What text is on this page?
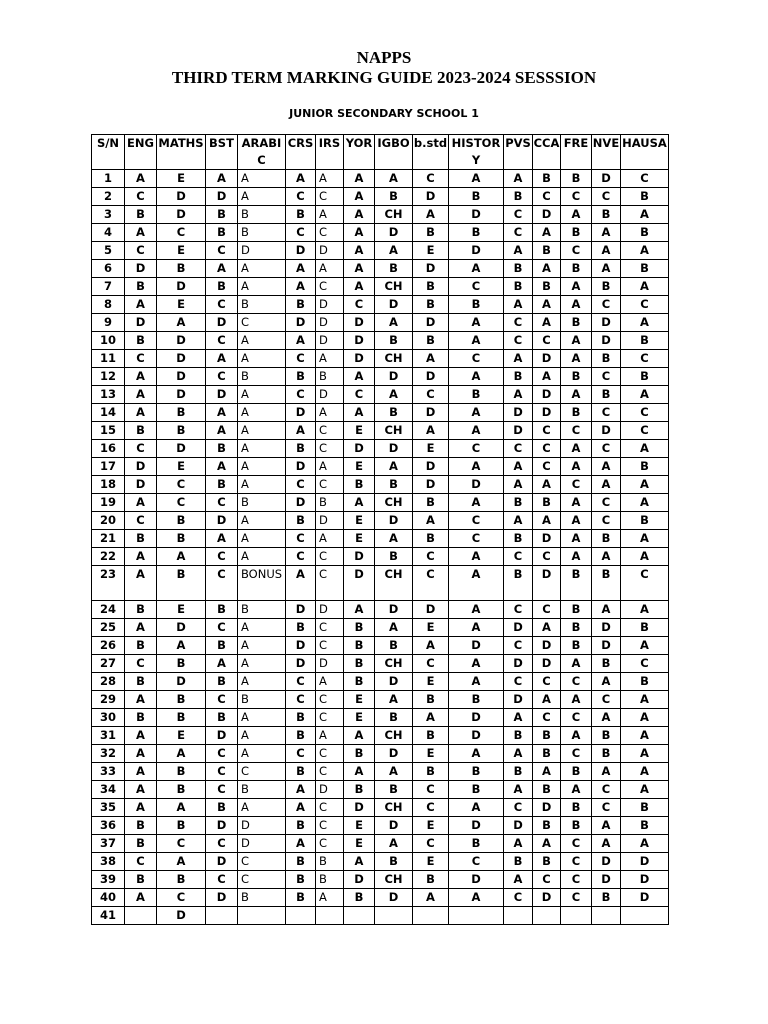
NAPPS
THIRD TERM MARKING GUIDE 2023-2024 SESSSION
JUNIOR SECONDARY SCHOOL 1
S/N	ENG	MATHS	BST	ARABIC	CRS	IRS	YOR	IGBO	b.std	HISTORY	PVS	CCA	FRE	NVE	HAUSA
1	A	E	A	A	A	A	A	A	C	A	A	B	B	D	C
2	C	D	D	A	C	C	A	B	D	B	B	C	C	C	B
3	B	D	B	B	B	A	A	CH	A	D	C	D	A	B	A
4	A	C	B	B	C	C	A	D	B	B	C	A	B	A	B
5	C	E	C	D	D	D	A	A	E	D	A	B	C	A	A
6	D	B	A	A	A	A	A	B	D	A	B	A	B	A	B
7	B	D	B	A	A	C	A	CH	B	C	B	B	A	B	A
8	A	E	C	B	B	D	C	D	B	B	A	A	A	C	C
9	D	A	D	C	D	D	D	A	D	A	C	A	B	D	A
10	B	D	C	A	A	D	D	B	B	A	C	C	A	D	B
11	C	D	A	A	C	A	D	CH	A	C	A	D	A	B	C
12	A	D	C	B	B	B	A	D	D	A	B	A	B	C	B
13	A	D	D	A	C	D	C	A	C	B	A	D	A	B	A
14	A	B	A	A	D	A	A	B	D	A	D	D	B	C	C
15	B	B	A	A	A	C	E	CH	A	A	D	C	C	D	C
16	C	D	B	A	B	C	D	D	E	C	C	C	A	C	A
17	D	E	A	A	D	A	E	A	D	A	A	C	A	A	B
18	D	C	B	A	C	C	B	B	D	D	A	A	C	A	A
19	A	C	C	B	D	B	A	CH	B	A	B	B	A	C	A
20	C	B	D	A	B	D	E	D	A	C	A	A	A	C	B
21	B	B	A	A	C	A	E	A	B	C	B	D	A	B	A
22	A	A	C	A	C	C	D	B	C	A	C	C	A	A	A
23	A	B	C	BONUS	A	C	D	CH	C	A	B	D	B	B	C
24	B	E	B	B	D	D	A	D	D	A	C	C	B	A	A
25	A	D	C	A	B	C	B	A	E	A	D	A	B	D	B
26	B	A	B	A	D	C	B	B	A	D	C	D	B	D	A
27	C	B	A	A	D	D	B	CH	C	A	D	D	A	B	C
28	B	D	B	A	C	A	B	D	E	A	C	C	C	A	B
29	A	B	C	B	C	C	E	A	B	B	D	A	A	C	A
30	B	B	B	A	B	C	E	B	A	D	A	C	C	A	A
31	A	E	D	A	B	A	A	CH	B	D	B	B	A	B	A
32	A	A	C	A	C	C	B	D	E	A	A	B	C	B	A
33	A	B	C	C	B	C	A	A	B	B	B	A	B	A	A
34	A	B	C	B	A	D	B	B	C	B	A	B	A	C	A
35	A	A	B	A	A	C	D	CH	C	A	C	D	B	C	B
36	B	B	D	D	B	C	E	D	E	D	D	B	B	A	B
37	B	C	C	D	A	C	E	A	C	B	A	A	C	A	A
38	C	A	D	C	B	B	A	B	E	C	B	B	C	D	D
39	B	B	C	C	B	B	D	CH	B	D	A	C	C	D	D
40	A	C	D	B	B	A	B	D	A	A	C	D	C	B	D
41		D													
